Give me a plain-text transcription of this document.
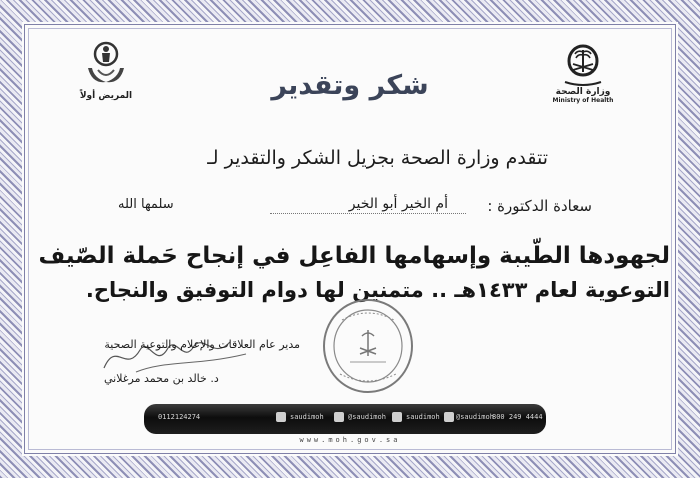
وزارة الصحة
Ministry of Health
المريض أولاً	شكر وتقدير
تتقدم وزارة الصحة بجزيل الشكر والتقدير لـ
سعادة الدكتورة :
أم الخير أبو الخير
سلمها الله
لجهودها الطّيبة وإسهامها الفاعِل في إنجاح حَملة الصّيف
التوعوية لعام ١٤٣٣هـ .. متمنين لها دوام التوفيق والنجاح.
مدير عام العلاقات والإعلام والتوعية الصحية
د. خالد بن محمد مرغلاني
0112124274	saudimoh	@saudimoh	saudimoh @saudimoh
800 249 4444
www.moh.gov.sa
